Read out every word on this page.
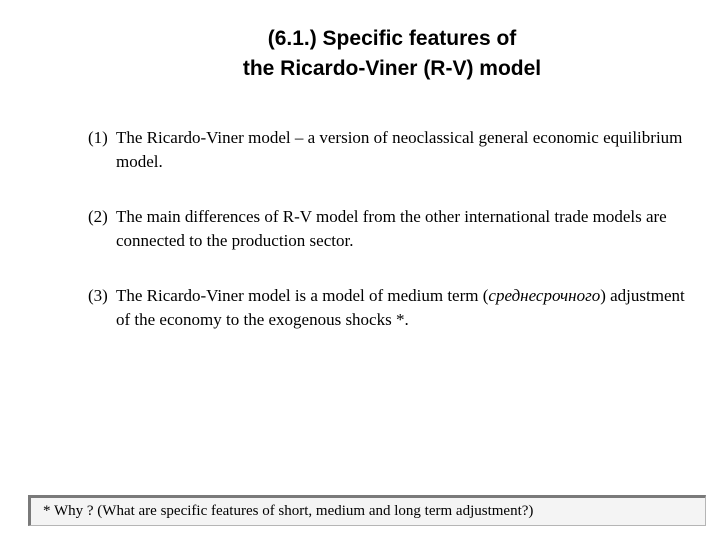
(6.1.) Specific features of
the Ricardo-Viner (R-V) model
(1) The Ricardo-Viner model – a version of neoclassical general economic equilibrium model.
(2) The main differences of R-V model from the other international trade models are connected to the production sector.
(3) The Ricardo-Viner model is a model of medium term (среднесрочного) adjustment of the economy to the exogenous shocks *.
* Why ? (What are specific features of short, medium and long term adjustment?)
